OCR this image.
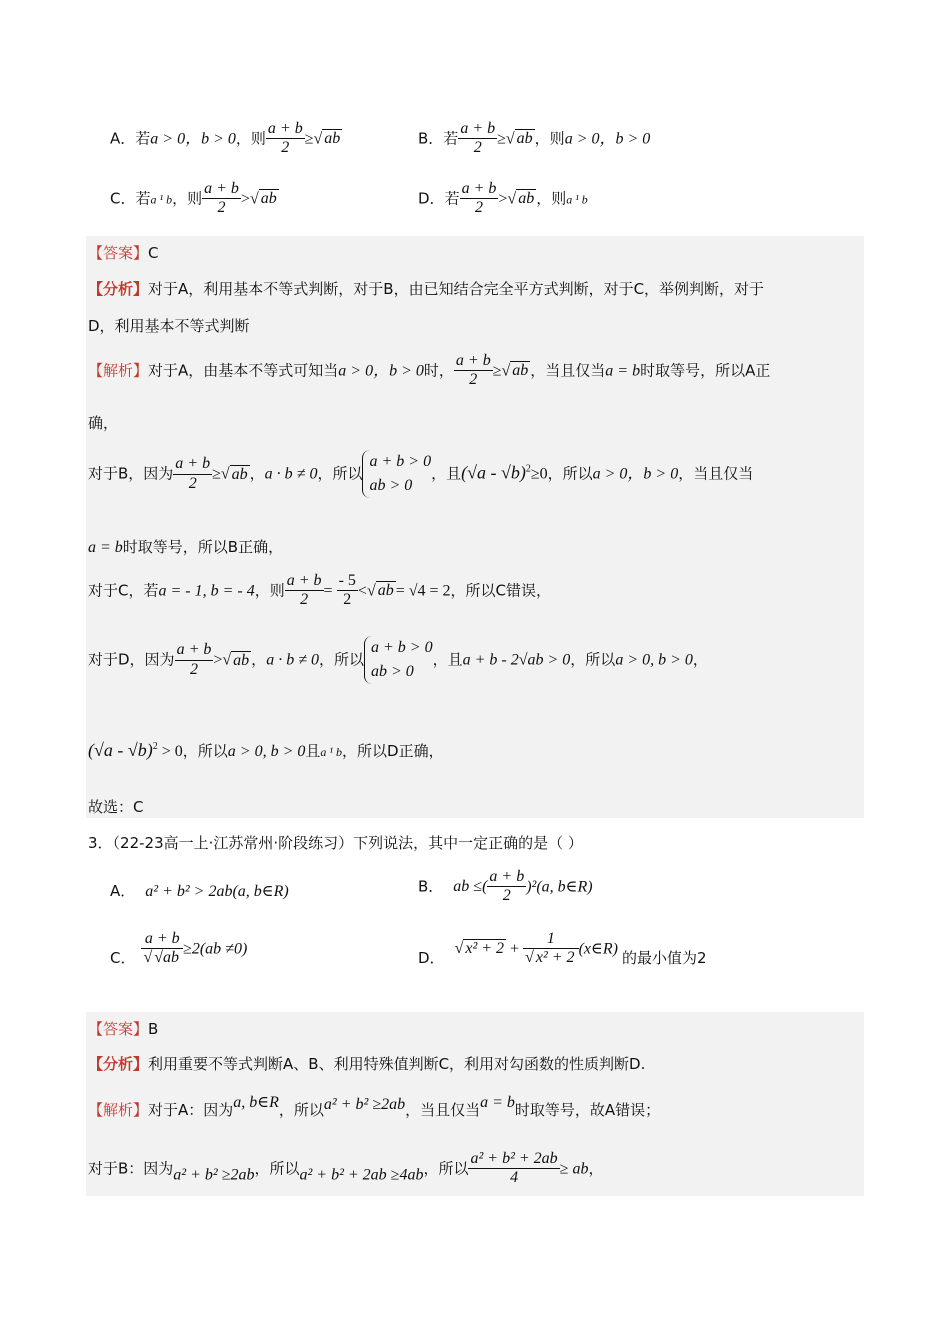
A．若a > 0，b > 0，则 $\frac{a + b}{2}$ ≥√ ab	B．若 $\frac{a + b}{2}$ ≥√ ab ，则a > 0，b > 0
C．若a ¹ b，则 $\frac{a + b}{2}$ >√ ab	D．若 $\frac{a + b}{2}$ >√ ab ，则a ¹ b
【答案】C
【分析】对于A，利用基本不等式判断，对于B，由已知结合完全平方式判断，对于C，举例判断，对于
D，利用基本不等式判断
【解析】对于A，由基本不等式可知当a > 0，b > 0时， $\frac{a + b}{2}$ ≥√ ab ，当且仅当a = b时取等号，所以A正
确，
对于B，因为 $\frac{a + b}{2}$ ≥√ ab ，a · b ≠ 0，所以
a + b > 0
ab > 0
，且(√a - √b)$^2$≥0，所以a > 0，b > 0，当且仅当
a = b时取等号，所以B正确，
对于C，若a = - 1, b = - 4，则 $\frac{a + b}{2} = \frac{- 5}{2}$ <√ ab = √4 = 2，所以C错误，
对于D，因为 $\frac{a + b}{2}$ >√ ab ，a · b ≠ 0，所以
a + b > 0
ab > 0
，且a + b - 2√ab > 0，所以a > 0, b > 0，
(√a - √b)$^2$ > 0，所以a > 0, b > 0且a ¹ b，所以D正确，
故选：C
3．（22-23高一上·江苏常州·阶段练习）下列说法，其中一定正确的是（ ）
A． a² + b² > 2ab(a, b∈R)	B． ab ≤( $\frac{a + b}{2} )^2(a$, b∈R)
C． $\frac{a + b}{√ √ab} \ge 2(ab \ne 0)$	D． √ $x^2 + 2 + \frac{1}{\text{√ x² + 2}}$ (x∈R) 的最小值为2
【答案】B
【分析】利用重要不等式判断A、B、利用特殊值判断C，利用对勾函数的性质判断D.
【解析】对于A：因为a, b∈R，所以a² + b² ≥2ab，当且仅当a = b时取等号，故A错误；
对于B：因为a² + b² ≥2ab，所以a² + b² + 2ab ≥4ab，所以 $\frac{\text{a² + b² + 2ab}}{4}$ ≥ ab，
